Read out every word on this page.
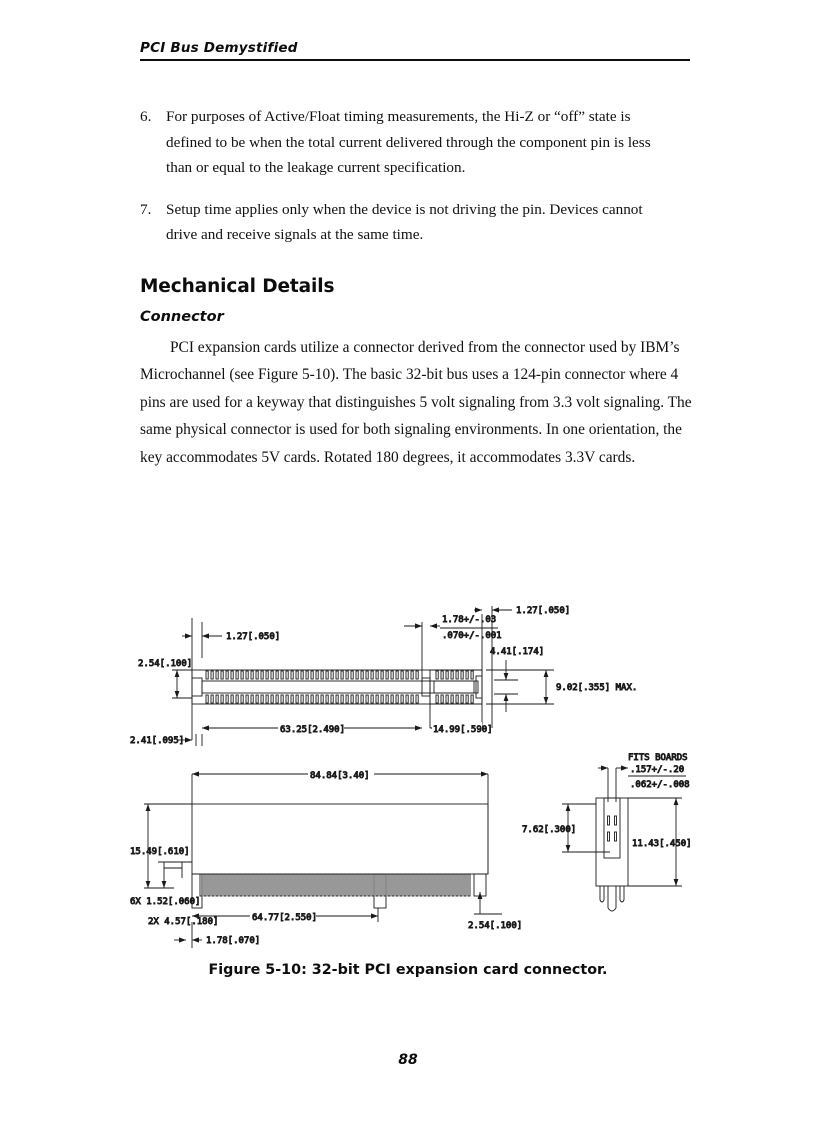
PCI Bus Demystified
6. For purposes of Active/Float timing measurements, the Hi-Z or “off” state is defined to be when the total current delivered through the component pin is less than or equal to the leakage current specification.
7. Setup time applies only when the device is not driving the pin. Devices cannot drive and receive signals at the same time.
Mechanical Details
Connector
PCI expansion cards utilize a connector derived from the connector used by IBM’s Microchannel (see Figure 5-10). The basic 32-bit bus uses a 124-pin connector where 4 pins are used for a keyway that distinguishes 5 volt signaling from 3.3 volt signaling. The same physical connector is used for both signaling environments. In one orientation, the key accommodates 5V cards. Rotated 180 degrees, it accommodates 3.3V cards.
1.27[.050]
2.54[.100]
1.78+/-.03
.070+/-.001
1.27[.050]
4.41[.174]
9.02[.355] MAX.
63.25[2.490]	14.99[.590]
2.41[.095]
84.84[3.40]
15.49[.610]
6X 1.52[.060]
2X 4.57[.180]	64.77[2.550]
1.78[.070]
2.54[.100]
FITS BOARDS
.157+/-.20
.062+/-.008
7.62[.300]
11.43[.450]
Figure 5-10: 32-bit PCI expansion card connector.
88
